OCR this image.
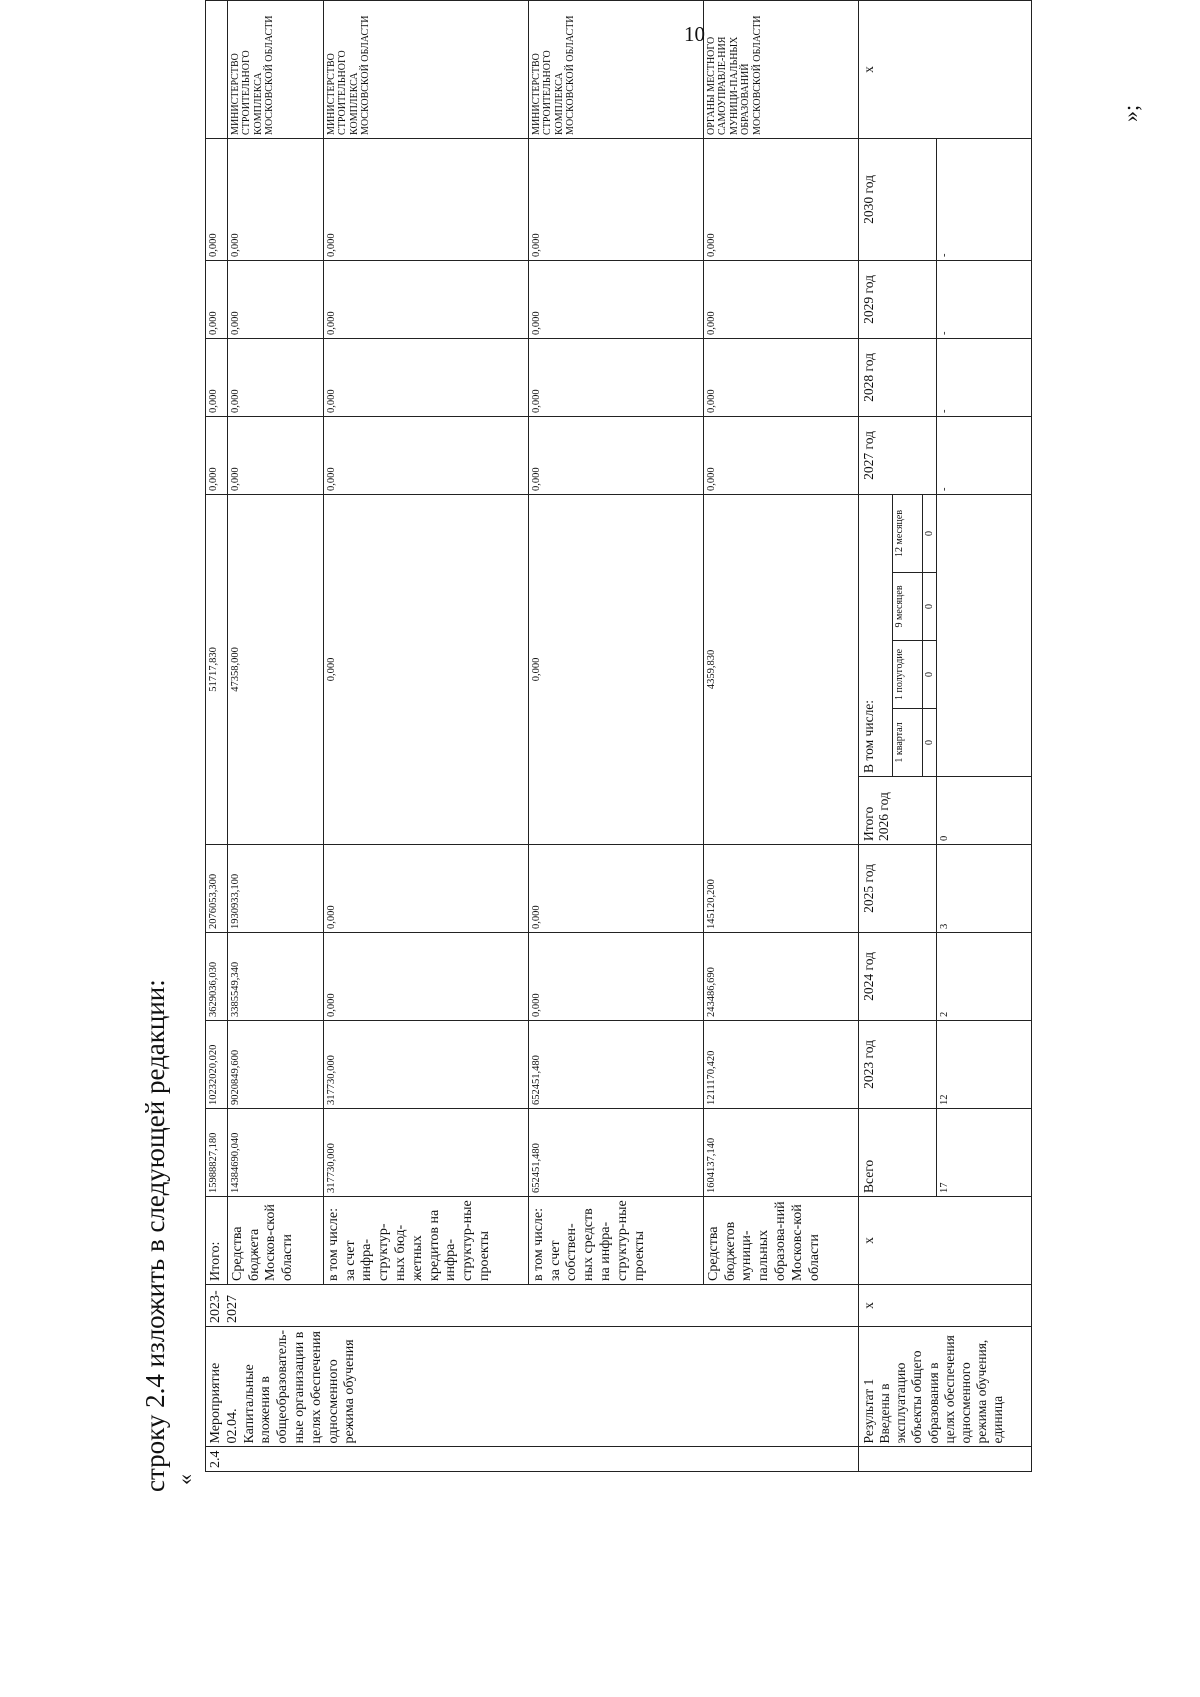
строку 2.4 изложить в следующей редакции: «
»;
2.4	Мероприятие 02.04. Капитальные вложения в общеобразователь-ные организации в целях обеспечения односменного режима обучения	2023-2027	Итого:	15988827,180	10232020,020	3629036,030	2076053,300	51717,830					0,000	0,000	0,000	0,000	
			Средства бюджета Москов-ской области	14384690,040	9020849,600	3385549,340	1930933,100	47358,000					0,000	0,000	0,000	0,000	МИНИСТЕРСТВО СТРОИТЕЛЬНОГО КОМПЛЕКСА МОСКОВСКОЙ ОБЛАСТИ
			в том числе: за счет инфра-структур-ных бюд-жетных кредитов на инфра-структур-ные проекты	317730,000	317730,000	0,000	0,000	0,000					0,000	0,000	0,000	0,000	МИНИСТЕРСТВО СТРОИТЕЛЬНОГО КОМПЛЕКСА МОСКОВСКОЙ ОБЛАСТИ
			в том числе: за счет собствен-ных средств на инфра-структур-ные проекты	652451,480	652451,480	0,000	0,000	0,000					0,000	0,000	0,000	0,000	МИНИСТЕРСТВО СТРОИТЕЛЬНОГО КОМПЛЕКСА МОСКОВСКОЙ ОБЛАСТИ
			Средства бюджетов муници-пальных образова-ний Московс-кой области	1604137,140	1211170,420	243486,690	145120,200	4359,830					0,000	0,000	0,000	0,000	ОРГАНЫ МЕСТНОГО САМОУПРАВЛЕ-НИЯ МУНИЦИ-ПАЛЬНЫХ ОБРАЗОВАНИЙ МОСКОВСКОЙ ОБЛАСТИ
	Результат 1 Введены в эксплуатацию объекты общего образования в целях обеспечения односменного режима обучения, единица	х	х	Всего	2023 год	2024 год	2025 год	Итого 2026 год	В том числе:				2027 год	2028 год	2029 год	2030 год	х
									1 квартал	1 полугодие	9 месяцев	12 месяцев					
									0	0	0	0					
				17	12	2	3	0					-	-	-	-	
10
